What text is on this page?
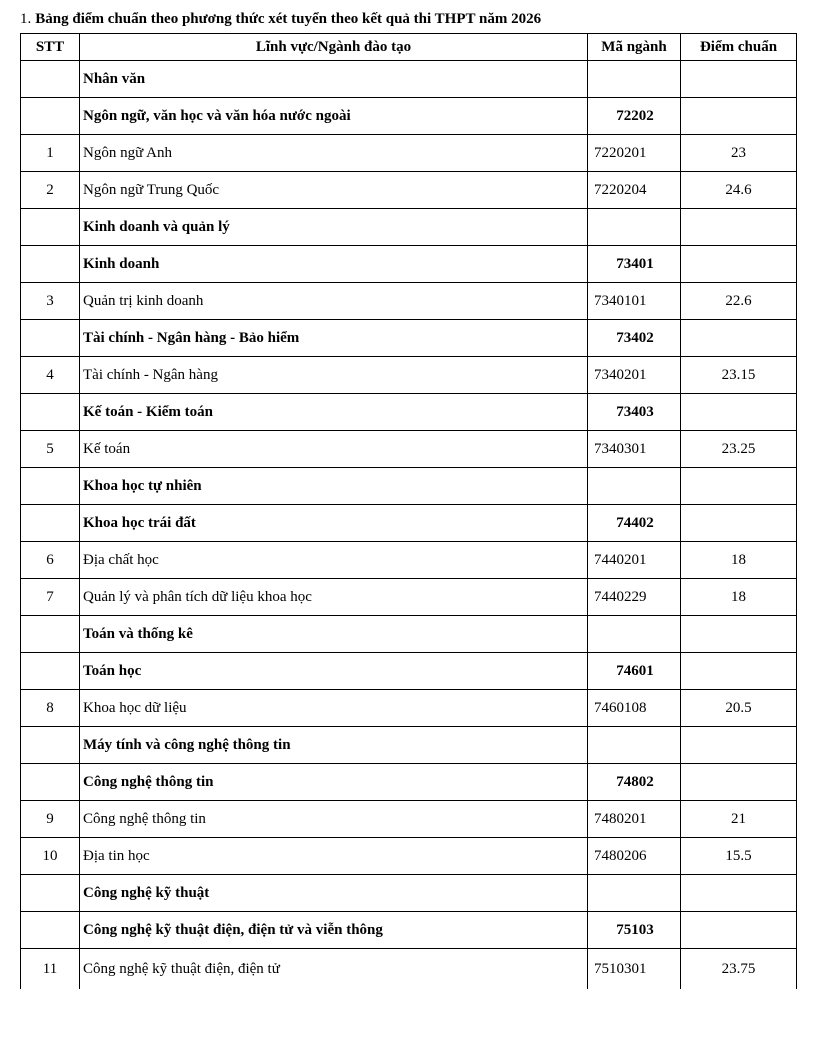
1. Bảng điểm chuẩn theo phương thức xét tuyển theo kết quả thi THPT năm 2026
STT	Lĩnh vực/Ngành đào tạo	Mã ngành	Điểm chuẩn
	Nhân văn		
	Ngôn ngữ, văn học và văn hóa nước ngoài	72202	
1	Ngôn ngữ Anh	7220201	23
2	Ngôn ngữ Trung Quốc	7220204	24.6
	Kinh doanh và quản lý		
	Kinh doanh	73401	
3	Quản trị kinh doanh	7340101	22.6
	Tài chính - Ngân hàng - Bảo hiểm	73402	
4	Tài chính - Ngân hàng	7340201	23.15
	Kế toán - Kiểm toán	73403	
5	Kế toán	7340301	23.25
	Khoa học tự nhiên		
	Khoa học trái đất	74402	
6	Địa chất học	7440201	18
7	Quản lý và phân tích dữ liệu khoa học	7440229	18
	Toán và thống kê		
	Toán học	74601	
8	Khoa học dữ liệu	7460108	20.5
	Máy tính và công nghệ thông tin		
	Công nghệ thông tin	74802	
9	Công nghệ thông tin	7480201	21
10	Địa tin học	7480206	15.5
	Công nghệ kỹ thuật		
	Công nghệ kỹ thuật điện, điện tử và viễn thông	75103	
11	Công nghệ kỹ thuật điện, điện tử	7510301	23.75
